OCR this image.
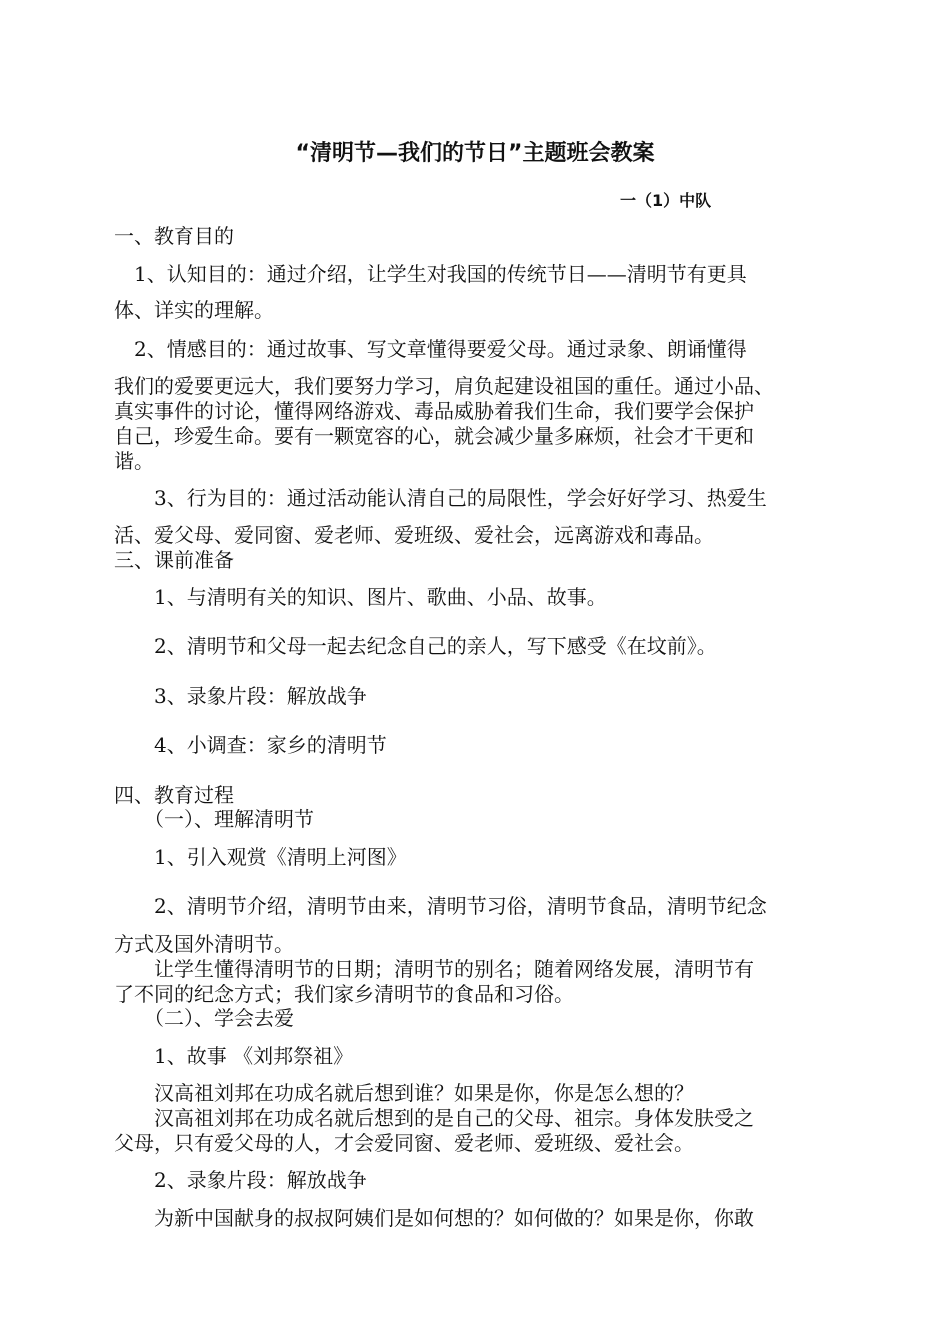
“清明节—我们的节日”主题班会教案
一（1）中队
一、教育目的
　1、认知目的：通过介绍，让学生对我国的传统节日——清明节有更具
体、详实的理解。
　2、情感目的：通过故事、写文章懂得要爱父母。通过录象、朗诵懂得
我们的爱要更远大，我们要努力学习，肩负起建设祖国的重任。通过小品、
真实事件的讨论，懂得网络游戏、毒品威胁着我们生命，我们要学会保护
自己，珍爱生命。要有一颗宽容的心，就会减少量多麻烦，社会才干更和
谐。
　　3、行为目的：通过活动能认清自己的局限性，学会好好学习、热爱生
活、爱父母、爱同窗、爱老师、爱班级、爱社会，远离游戏和毒品。
三、课前准备
　　1、与清明有关的知识、图片、歌曲、小品、故事。
　　2、清明节和父母一起去纪念自己的亲人，写下感受《在坟前》。
　　3、录象片段：解放战争
　　4、小调查：家乡的清明节
四、教育过程
　　（一）、理解清明节
　　1、引入观赏《清明上河图》
　　2、清明节介绍，清明节由来，清明节习俗，清明节食品，清明节纪念
方式及国外清明节。
　　让学生懂得清明节的日期；清明节的别名；随着网络发展，清明节有
了不同的纪念方式；我们家乡清明节的食品和习俗。
　　（二）、学会去爱
　　1、故事 《刘邦祭祖》
　　汉高祖刘邦在功成名就后想到谁？如果是你，你是怎么想的？
　　汉高祖刘邦在功成名就后想到的是自己的父母、祖宗。身体发肤受之
父母，只有爱父母的人，才会爱同窗、爱老师、爱班级、爱社会。
　　2、录象片段：解放战争
　　为新中国献身的叔叔阿姨们是如何想的？如何做的？如果是你，你敢
